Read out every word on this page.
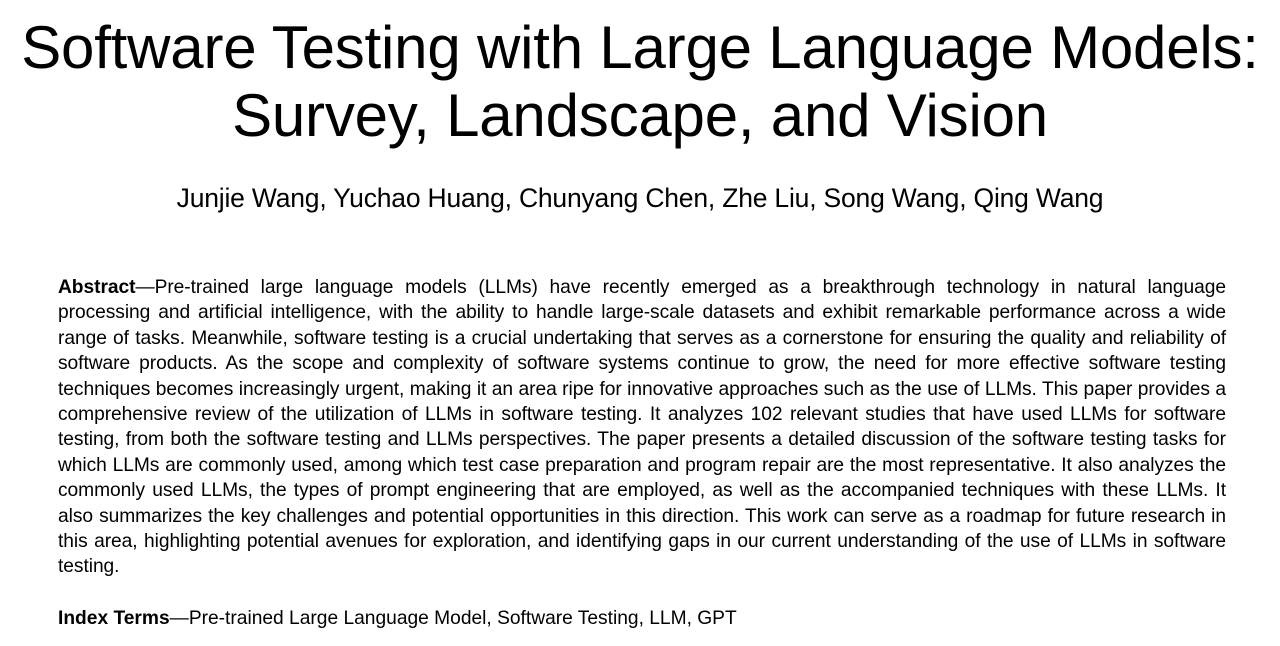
Software Testing with Large Language Models:
Survey, Landscape, and Vision
Junjie Wang, Yuchao Huang, Chunyang Chen, Zhe Liu, Song Wang, Qing Wang

Abstract—Pre-trained large language models (LLMs) have recently emerged as a breakthrough technology in natural language processing and artificial intelligence, with the ability to handle large-scale datasets and exhibit remarkable performance across a wide range of tasks. Meanwhile, software testing is a crucial undertaking that serves as a cornerstone for ensuring the quality and reliability of software products. As the scope and complexity of software systems continue to grow, the need for more effective software testing techniques becomes increasingly urgent, making it an area ripe for innovative approaches such as the use of LLMs. This paper provides a comprehensive review of the utilization of LLMs in software testing. It analyzes 102 relevant studies that have used LLMs for software testing, from both the software testing and LLMs perspectives. The paper presents a detailed discussion of the software testing tasks for which LLMs are commonly used, among which test case preparation and program repair are the most representative. It also analyzes the commonly used LLMs, the types of prompt engineering that are employed, as well as the accompanied techniques with these LLMs. It also summarizes the key challenges and potential opportunities in this direction. This work can serve as a roadmap for future research in this area, highlighting potential avenues for exploration, and identifying gaps in our current understanding of the use of LLMs in software testing.

Index Terms—Pre-trained Large Language Model, Software Testing, LLM, GPT
